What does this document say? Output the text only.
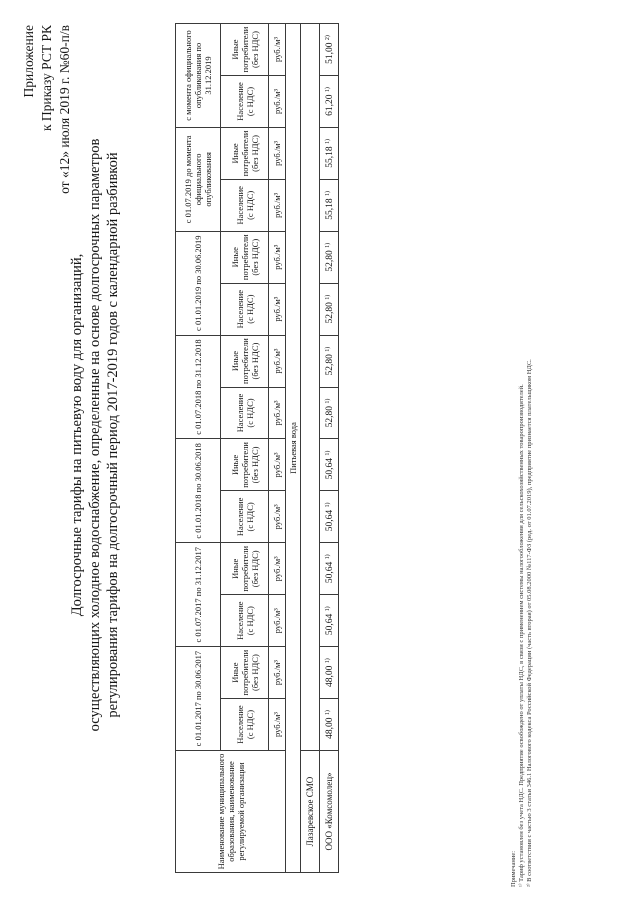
Приложение к Приказу РСТ РК от «12» июля 2019 г. №60-п/в
Долгосрочные тарифы на питьевую воду для организаций, осуществляющих холодное водоснабжение, определенные на основе долгосрочных параметров регулирования тарифов на долгосрочный период 2017-2019 годов с календарной разбивкой
Наименование муниципального образования, наименование регулируемой организации	с 01.01.2017 по 30.06.2017		с 01.07.2017 по 31.12.2017		с 01.01.2018 по 30.06.2018		с 01.07.2018 по 31.12.2018		с 01.01.2019 по 30.06.2019		с 01.07.2019 до момента официального опубликования		с момента официального опубликования по 31.12.2019	
	Население (с НДС)	Иные потребители (без НДС)	Население (с НДС)	Иные потребители (без НДС)	Население (с НДС)	Иные потребители (без НДС)	Население (с НДС)	Иные потребители (без НДС)	Население (с НДС)	Иные потребители (без НДС)	Население (с НДС)	Иные потребители (без НДС)	Население (с НДС)	Иные потребители (без НДС)
	руб./м³	руб./м³	руб./м³	руб./м³	руб./м³	руб./м³	руб./м³	руб./м³	руб./м³	руб./м³	руб./м³	руб./м³	руб./м³	руб./м³
Питьевая вода														
Лазаревское СМО														
ООО «Комсомолец»	48,00 $^{1)}$	48,00 $^{1)}$	50,64 $^{1)}$	50,64 $^{1)}$	50,64 $^{1)}$	50,64 $^{1)}$	52,80 $^{1)}$	52,80 $^{1)}$	52,80 $^{1)}$	52,80 $^{1)}$	55,18 $^{1)}$	55,18 $^{1)}$	61,20 $^{1)}$	51,00 $^{2)}$
Примечание: ¹⁾ Тариф установлен без учета НДС. Предприятие освобождено от уплаты НДС, в связи с применением системы налогообложения для сельскохозяйственных товаропроизводителей. ²⁾ В соответствии с частью 3 статьи 346.1 Налогового кодекса Российской Федерации (часть вторая) от 05.08.2000 №117-ФЗ (ред. от 01.07.2019), предприятие признается плательщиком НДС.
